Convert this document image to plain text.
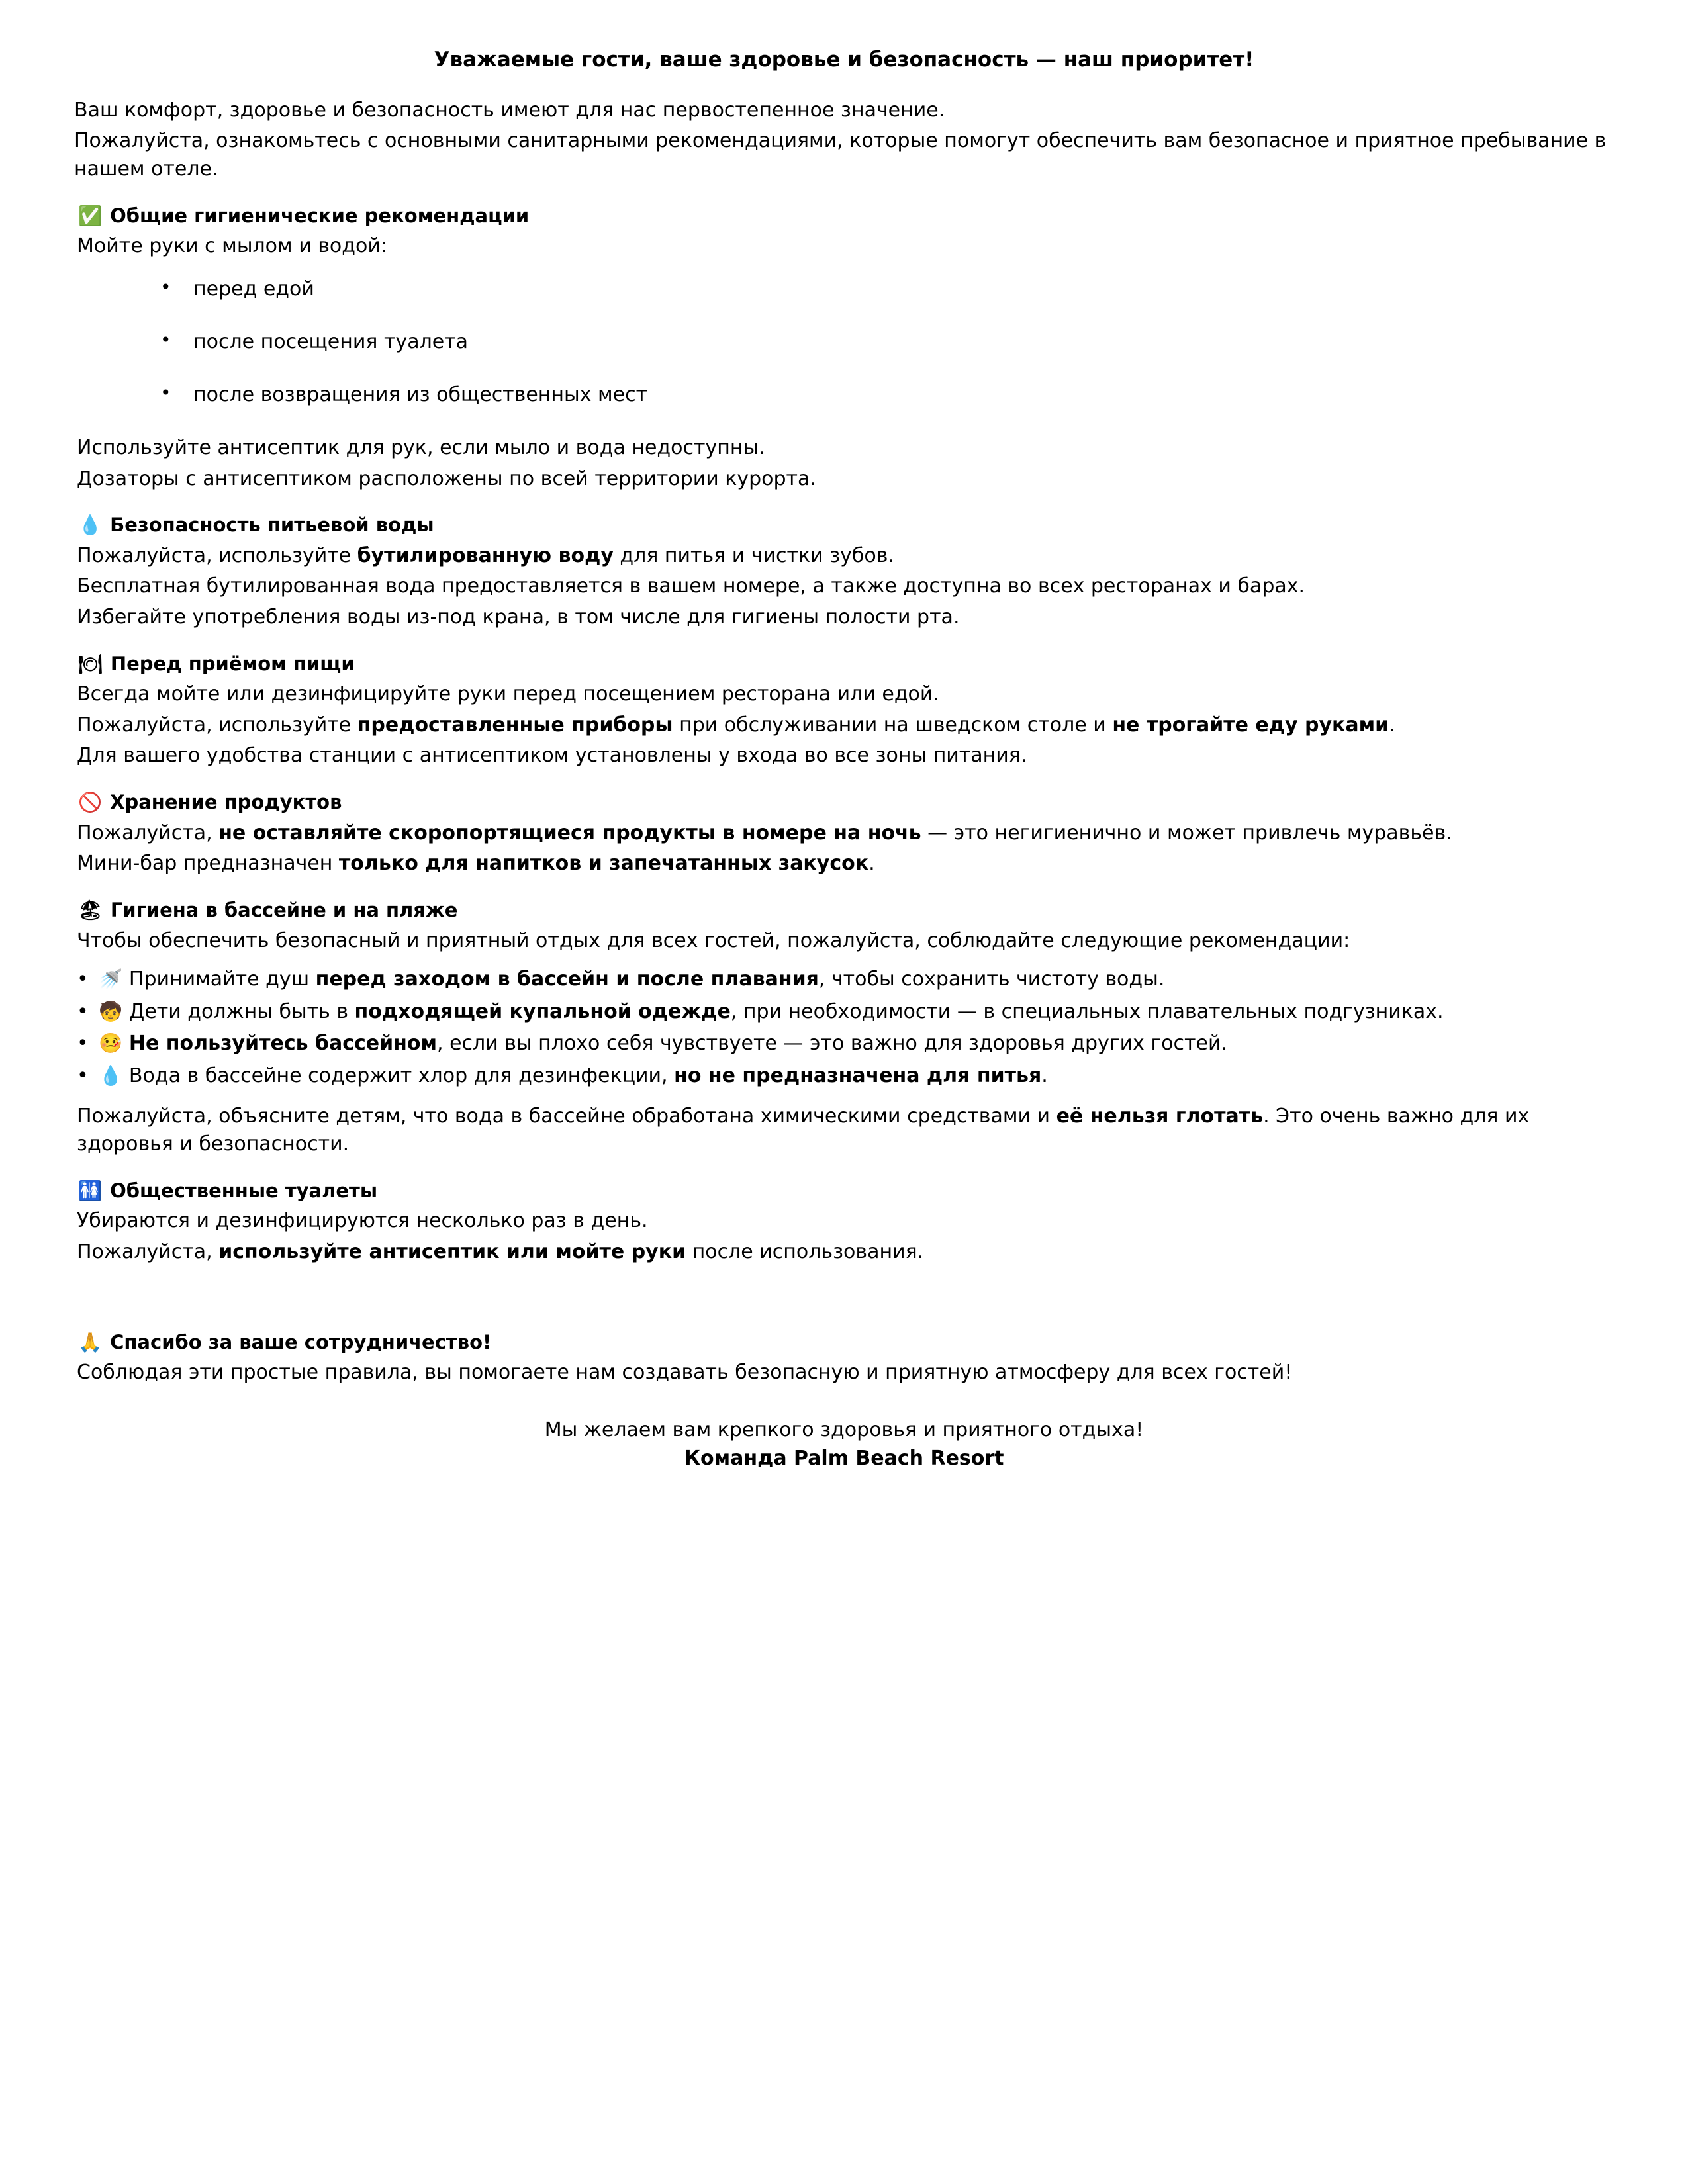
Уважаемые гости, ваше здоровье и безопасность — наш приоритет!

Ваш комфорт, здоровье и безопасность имеют для нас первостепенное значение.

Пожалуйста, ознакомьтесь с основными санитарными рекомендациями, которые помогут обеспечить вам безопасное и приятное пребывание в нашем отеле.

✅ Общие гигиенические рекомендации

Мойте руки с мылом и водой:

• перед едой
• после посещения туалета
• после возвращения из общественных мест

Используйте антисептик для рук, если мыло и вода недоступны.

Дозаторы с антисептиком расположены по всей территории курорта.

💧 Безопасность питьевой воды

Пожалуйста, используйте бутилированную воду для питья и чистки зубов.

Бесплатная бутилированная вода предоставляется в вашем номере, а также доступна во всех ресторанах и барах.

Избегайте употребления воды из-под крана, в том числе для гигиены полости рта.

🍽 Перед приёмом пищи

Всегда мойте или дезинфицируйте руки перед посещением ресторана или едой.

Пожалуйста, используйте предоставленные приборы при обслуживании на шведском столе и не трогайте еду руками.

Для вашего удобства станции с антисептиком установлены у входа во все зоны питания.

🚫 Хранение продуктов

Пожалуйста, не оставляйте скоропортящиеся продукты в номере на ночь — это негигиенично и может привлечь муравьёв.

Мини-бар предназначен только для напитков и запечатанных закусок.

🏖 Гигиена в бассейне и на пляже

Чтобы обеспечить безопасный и приятный отдых для всех гостей, пожалуйста, соблюдайте следующие рекомендации:

• 🚿 Принимайте душ перед заходом в бассейн и после плавания, чтобы сохранить чистоту воды.

• 🧒 Дети должны быть в подходящей купальной одежде, при необходимости — в специальных плавательных подгузниках.

• 🤒 Не пользуйтесь бассейном, если вы плохо себя чувствуете — это важно для здоровья других гостей.

• 💧 Вода в бассейне содержит хлор для дезинфекции, но не предназначена для питья.

Пожалуйста, объясните детям, что вода в бассейне обработана химическими средствами и её нельзя глотать. Это очень важно для их здоровья и безопасности.

🚻 Общественные туалеты

Убираются и дезинфицируются несколько раз в день.

Пожалуйста, используйте антисептик или мойте руки после использования.

🙏 Спасибо за ваше сотрудничество!

Соблюдая эти простые правила, вы помогаете нам создавать безопасную и приятную атмосферу для всех гостей!

Мы желаем вам крепкого здоровья и приятного отдыха!

Команда Palm Beach Resort
